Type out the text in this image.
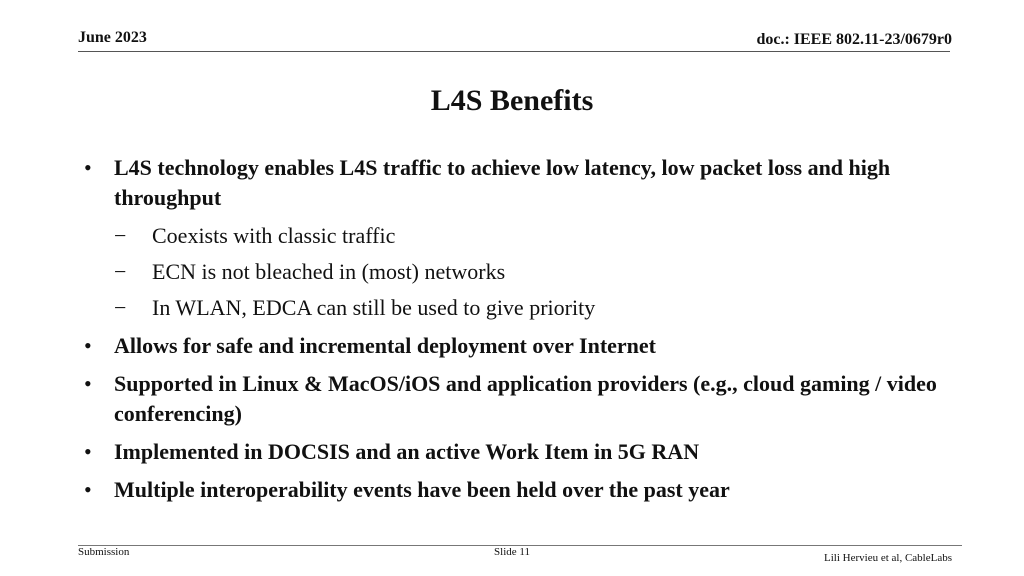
June 2023	doc.: IEEE 802.11-23/0679r0
L4S Benefits
•	L4S technology enables L4S traffic to achieve low latency, low packet loss and high throughput
−	Coexists with classic traffic
−	ECN is not bleached in (most) networks
−	In WLAN, EDCA can still be used to give priority
•	Allows for safe and incremental deployment over Internet
•	Supported in Linux & MacOS/iOS and application providers (e.g., cloud gaming / video conferencing)
•	Implemented in DOCSIS and an active Work Item in 5G RAN
•	Multiple interoperability events have been held over the past year
Submission	Slide 11	Lili Hervieu et al, CableLabs
